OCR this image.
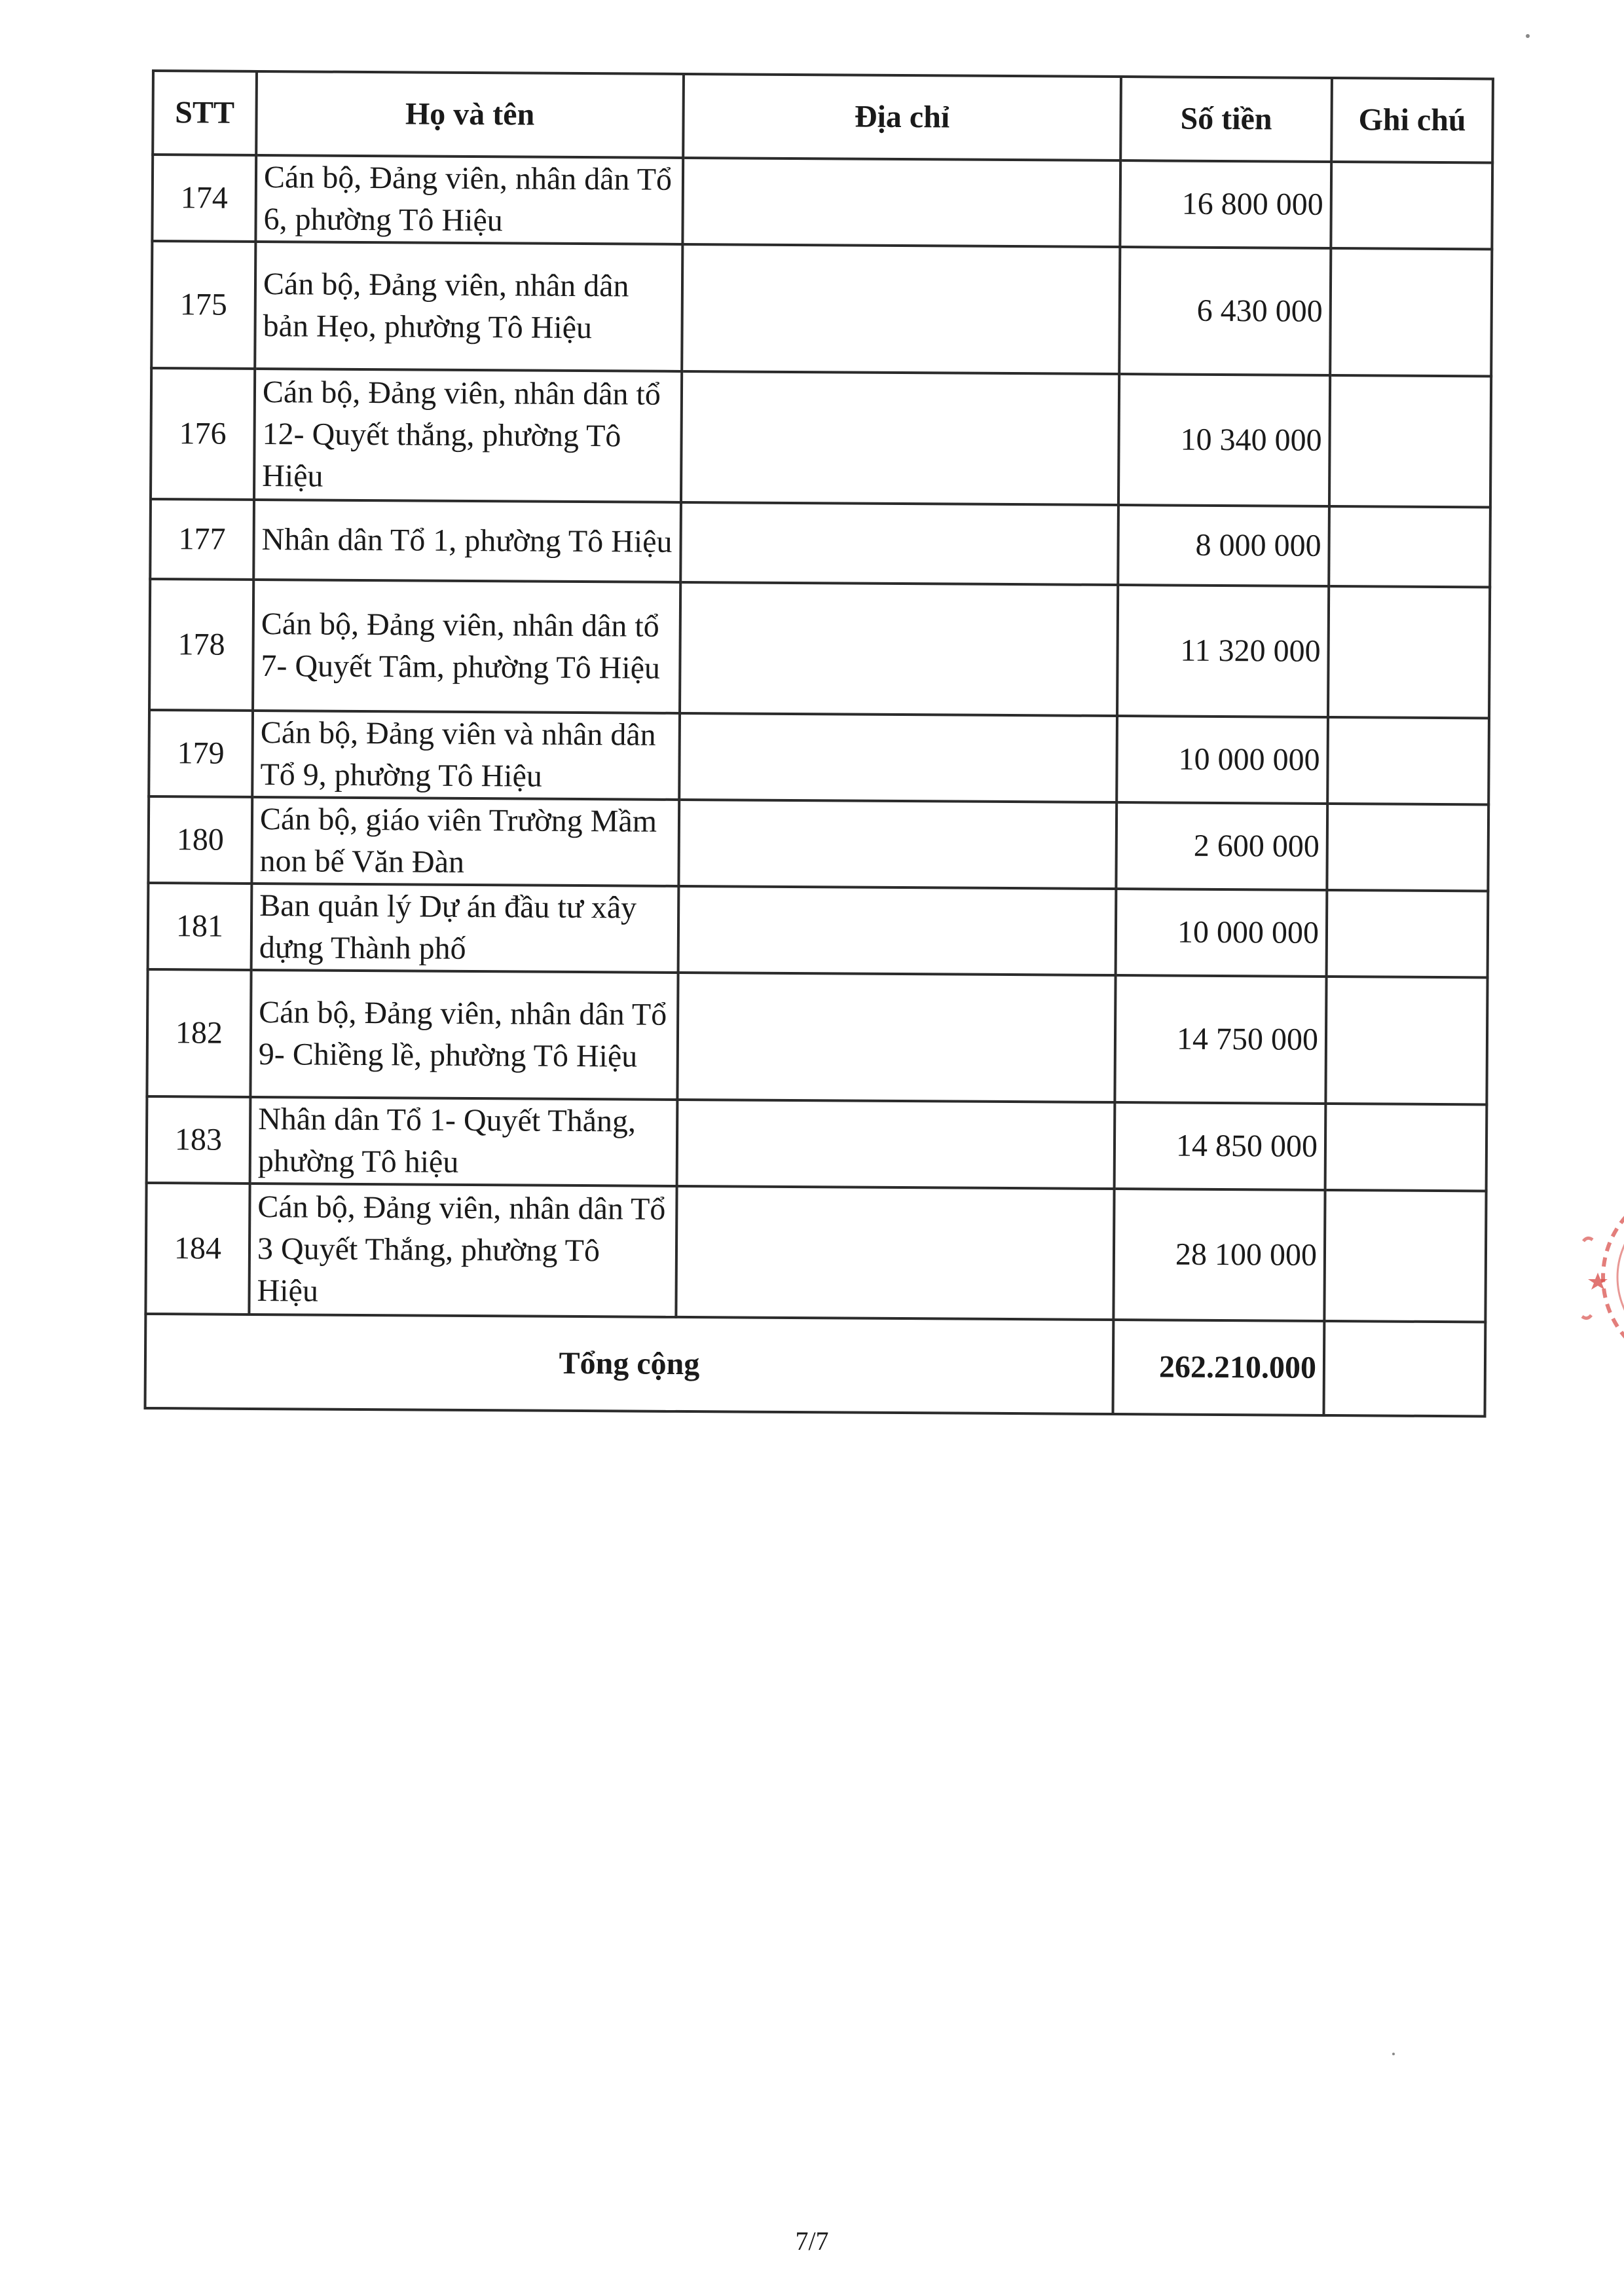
STT	Họ và tên	Địa chỉ	Số tiền	Ghi chú
174	Cán bộ, Đảng viên, nhân dân Tổ 6, phường Tô Hiệu		16 800 000	
175	Cán bộ, Đảng viên, nhân dân bản Hẹo, phường Tô Hiệu		6 430 000	
176	Cán bộ, Đảng viên, nhân dân tổ 12- Quyết thắng, phường Tô Hiệu		10 340 000	
177	Nhân dân Tổ 1, phường Tô Hiệu		8 000 000	
178	Cán bộ, Đảng viên, nhân dân tổ 7- Quyết Tâm, phường Tô Hiệu		11 320 000	
179	Cán bộ, Đảng viên và nhân dân Tổ 9, phường Tô Hiệu		10 000 000	
180	Cán bộ, giáo viên Trường Mầm non bế Văn Đàn		2 600 000	
181	Ban quản lý Dự án đầu tư xây dựng Thành phố		10 000 000	
182	Cán bộ, Đảng viên, nhân dân Tổ 9- Chiềng lề, phường Tô Hiệu		14 750 000	
183	Nhân dân Tổ 1- Quyết Thắng, phường Tô hiệu		14 850 000	
184	Cán bộ, Đảng viên, nhân dân Tổ 3 Quyết Thắng, phường Tô Hiệu		28 100 000	
Tổng cộng			262.210.000	
7/7
